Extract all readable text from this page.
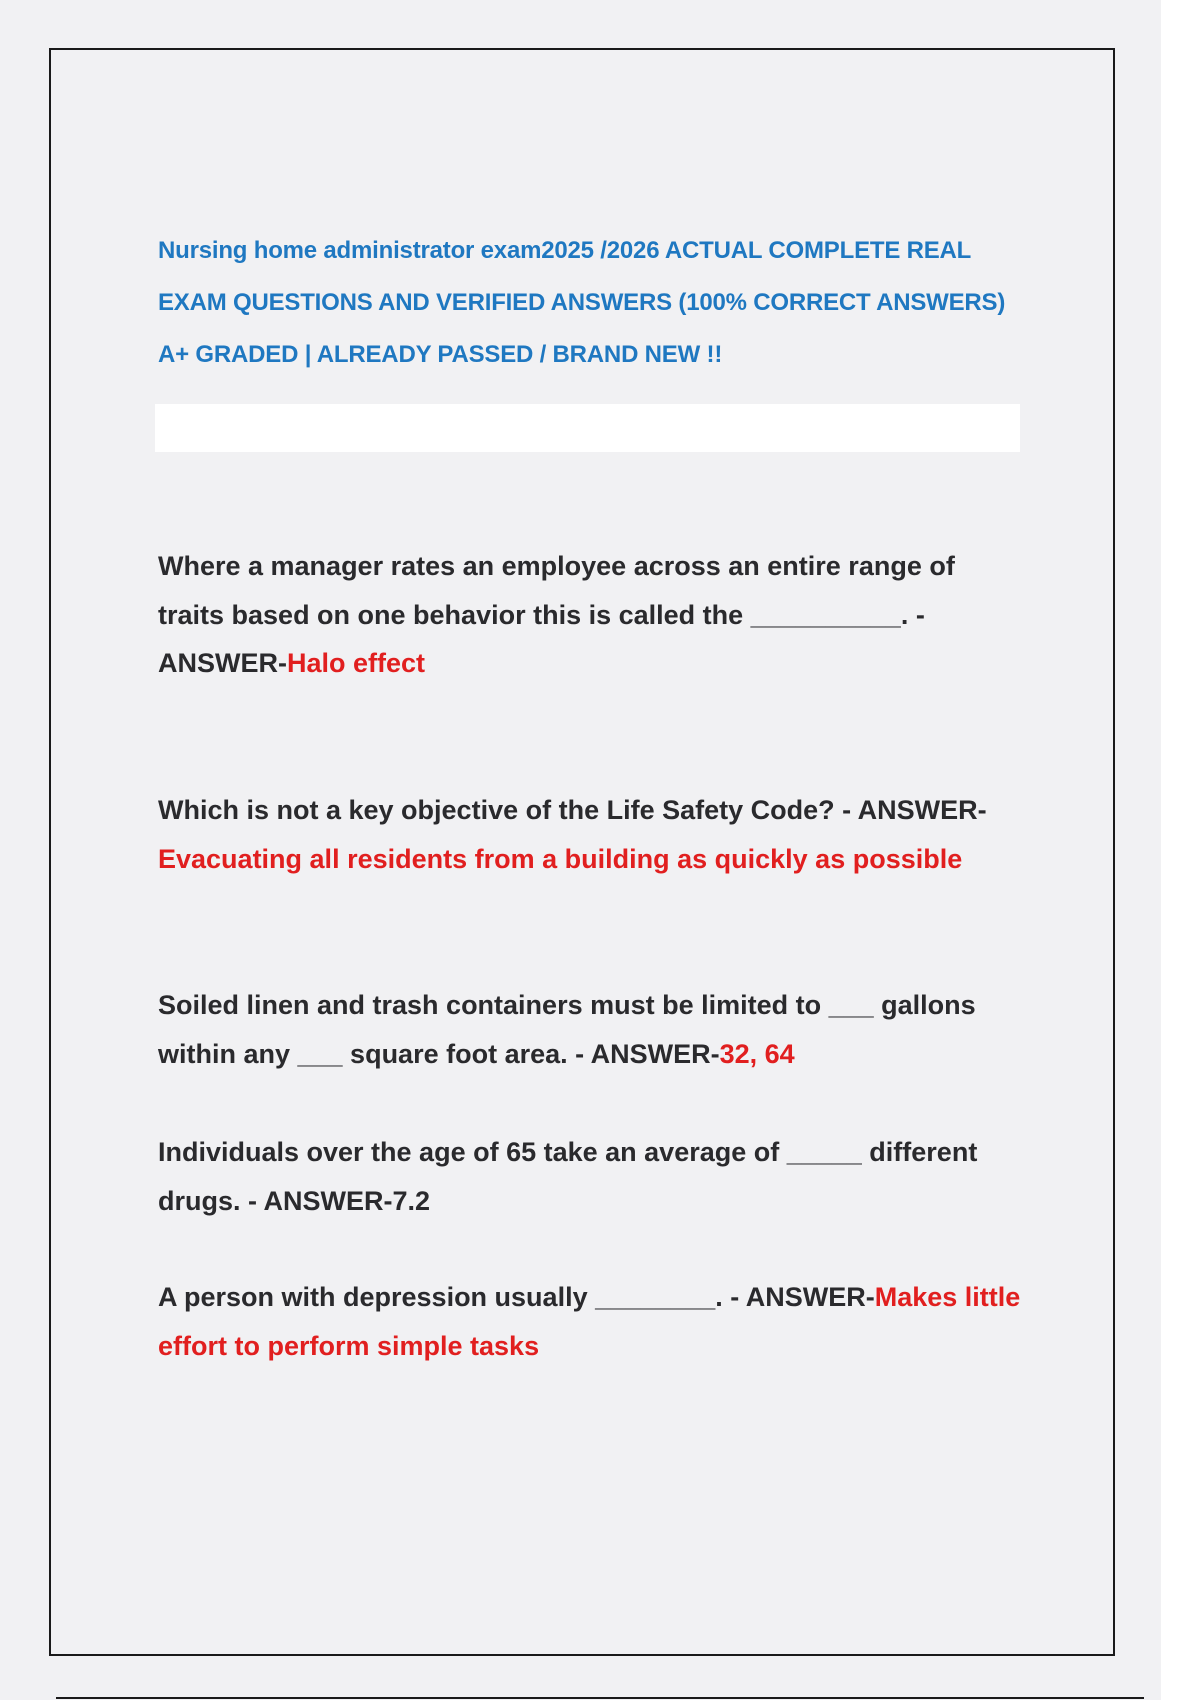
Nursing home administrator exam2025 /2026 ACTUAL COMPLETE REAL
EXAM QUESTIONS AND VERIFIED ANSWERS (100% CORRECT ANSWERS)
A+ GRADED | ALREADY PASSED / BRAND NEW !!
Where a manager rates an employee across an entire range of traits based on one behavior this is called the __________. - ANSWER-Halo effect
Which is not a key objective of the Life Safety Code? - ANSWER-Evacuating all residents from a building as quickly as possible
Soiled linen and trash containers must be limited to ___ gallons within any ___ square foot area. - ANSWER-32, 64
Individuals over the age of 65 take an average of _____ different drugs. - ANSWER-7.2
A person with depression usually ________. - ANSWER-Makes little effort to perform simple tasks
